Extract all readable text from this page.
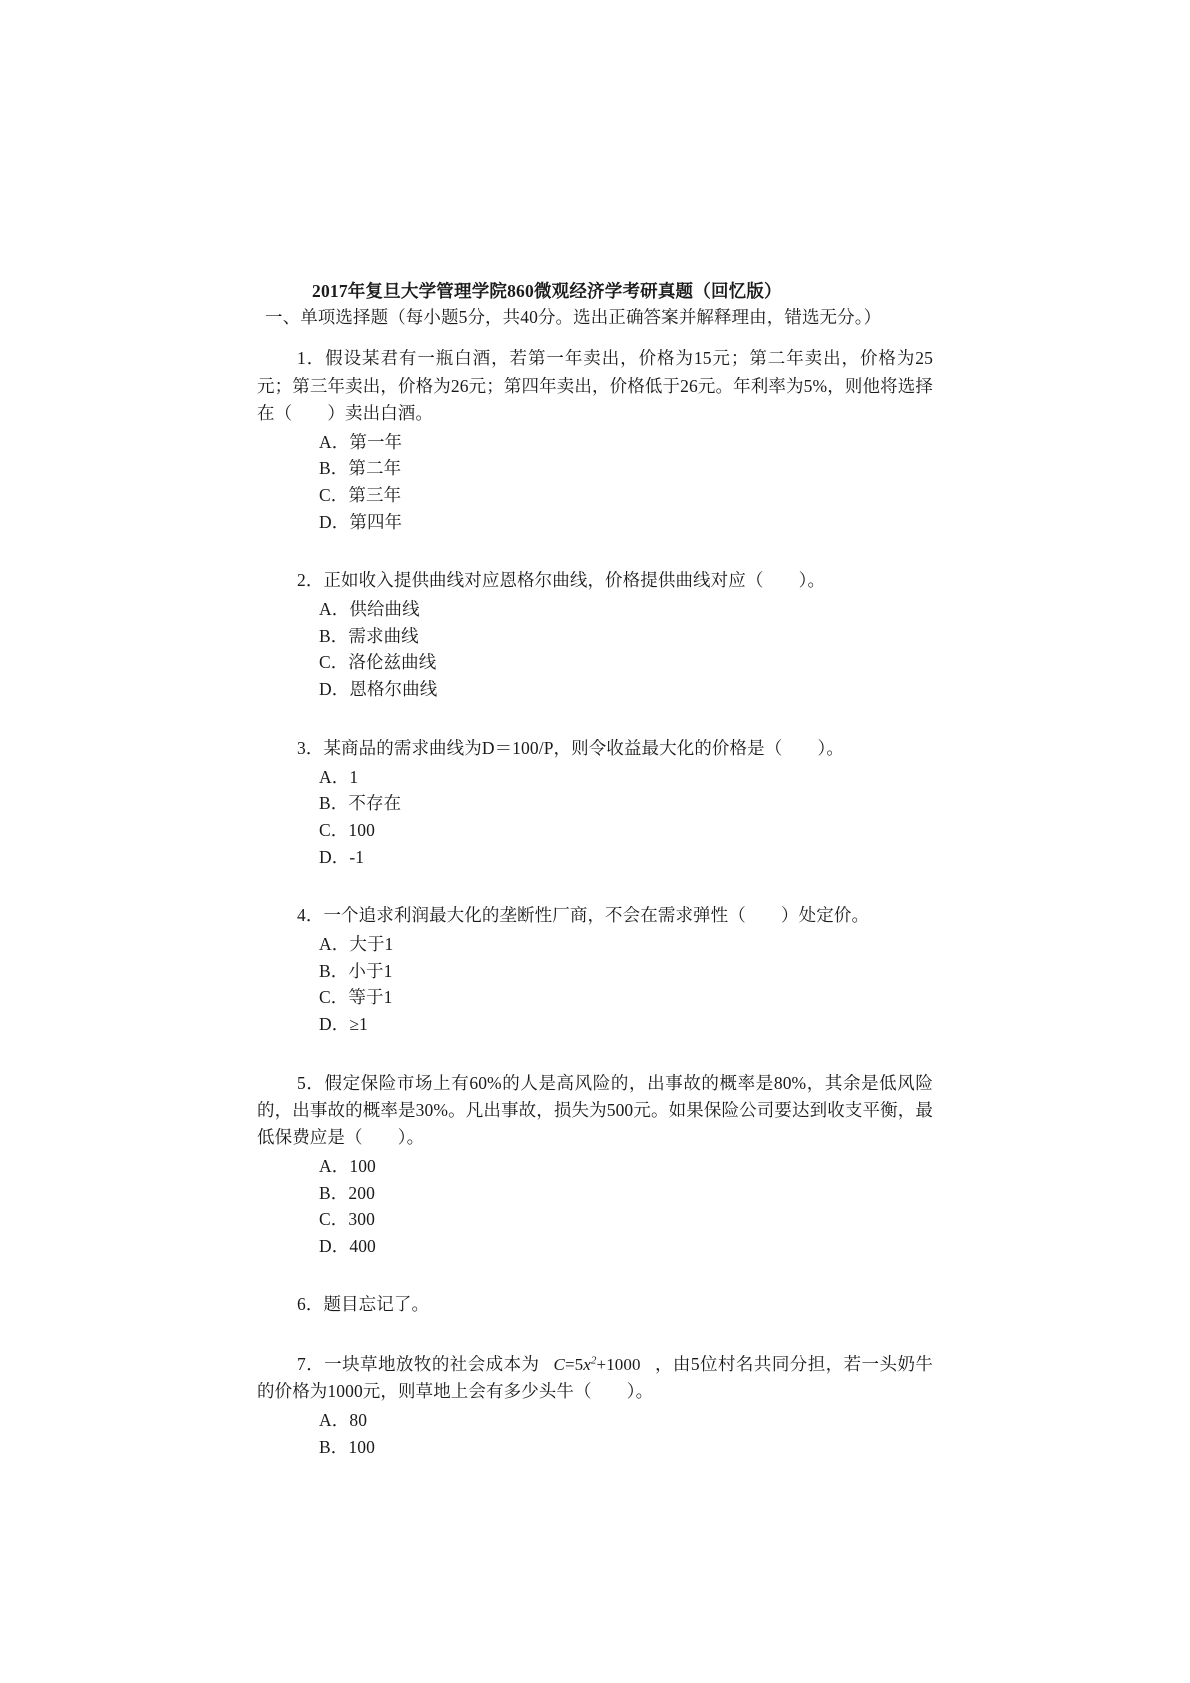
2017年复旦大学管理学院860微观经济学考研真题（回忆版）
一、单项选择题（每小题5分，共40分。选出正确答案并解释理由，错选无分。）
1．假设某君有一瓶白酒，若第一年卖出，价格为15元；第二年卖出，价格为25元；第三年卖出，价格为26元；第四年卖出，价格低于26元。年利率为5%，则他将选择在（　　）卖出白酒。
A．第一年
B．第二年
C．第三年
D．第四年
2．正如收入提供曲线对应恩格尔曲线，价格提供曲线对应（　　）。
A．供给曲线
B．需求曲线
C．洛伦兹曲线
D．恩格尔曲线
3．某商品的需求曲线为D＝100/P，则令收益最大化的价格是（　　）。
A．1
B．不存在
C．100
D．-1
4．一个追求利润最大化的垄断性厂商，不会在需求弹性（　　）处定价。
A．大于1
B．小于1
C．等于1
D．≥1
5．假定保险市场上有60%的人是高风险的，出事故的概率是80%，其余是低风险的，出事故的概率是30%。凡出事故，损失为500元。如果保险公司要达到收支平衡，最低保费应是（　　）。
A．100
B．200
C．300
D．400
6．题目忘记了。
7．一块草地放牧的社会成本为 $C=5x^2+1000$ ，由5位村名共同分担，若一头奶牛的价格为1000元，则草地上会有多少头牛（　　）。
A．80
B．100
